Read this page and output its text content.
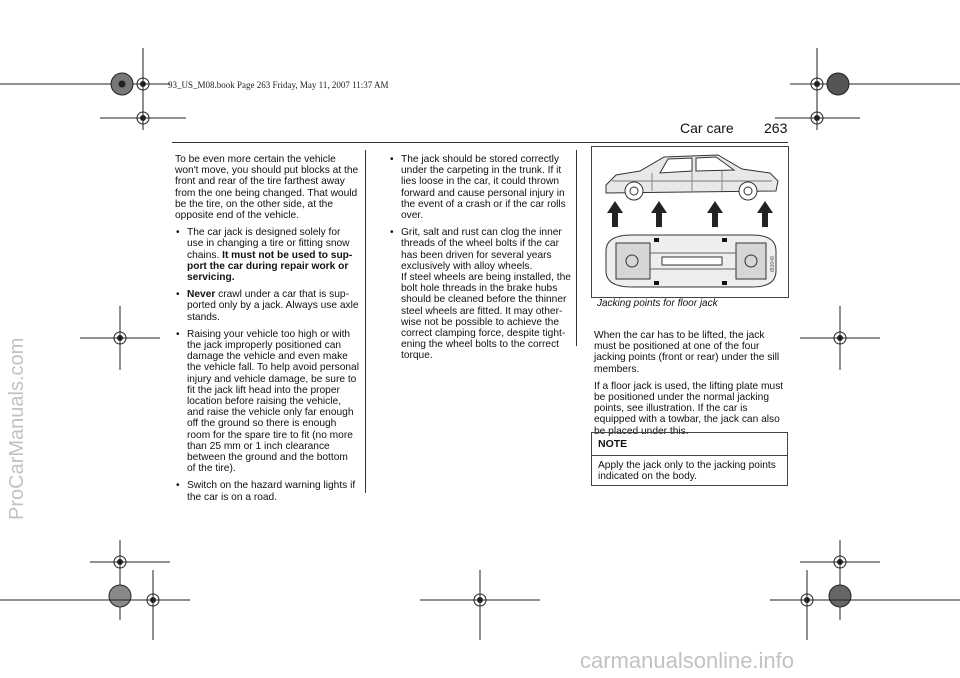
93_US_M08.book Page 263 Friday, May 11, 2007 11:37 AM
Car care 263

To be even more certain the vehicle won't move, you should put blocks at the front and rear of the tire farthest away from the one being changed. That would be the tire, on the other side, at the opposite end of the vehicle.

• The car jack is designed solely for use in changing a tire or fitting snow chains. It must not be used to support the car during repair work or servicing.
• Never crawl under a car that is supported only by a jack. Always use axle stands.
• Raising your vehicle too high or with the jack improperly positioned can damage the vehicle and even make the vehicle fall. To help avoid personal injury and vehicle damage, be sure to fit the jack lift head into the proper location before raising the vehicle, and raise the vehicle only far enough off the ground so there is enough room for the spare tire to fit (no more than 25 mm or 1 inch clearance between the ground and the bottom of the tire).
• Switch on the hazard warning lights if the car is on a road.
• The jack should be stored correctly under the carpeting in the trunk. If it lies loose in the car, it could thrown forward and cause personal injury in the event of a crash or if the car rolls over.
• Grit, salt and rust can clog the inner threads of the wheel bolts if the car has been driven for several years exclusively with alloy wheels.
If steel wheels are being installed, the bolt hole threads in the brake hubs should be cleaned before the thinner steel wheels are fitted. It may otherwise not be possible to achieve the correct clamping force, despite tightening the wheel bolts to the correct torque.
IB3048
Jacking points for floor jack

When the car has to be lifted, the jack must be positioned at one of the four jacking points (front or rear) under the sill members.

If a floor jack is used, the lifting plate must be positioned under the normal jacking points, see illustration. If the car is equipped with a towbar, the jack can also be placed under this.

NOTE
Apply the jack only to the jacking points indicated on the body.
ProCarManuals.com
carmanualsonline.info
